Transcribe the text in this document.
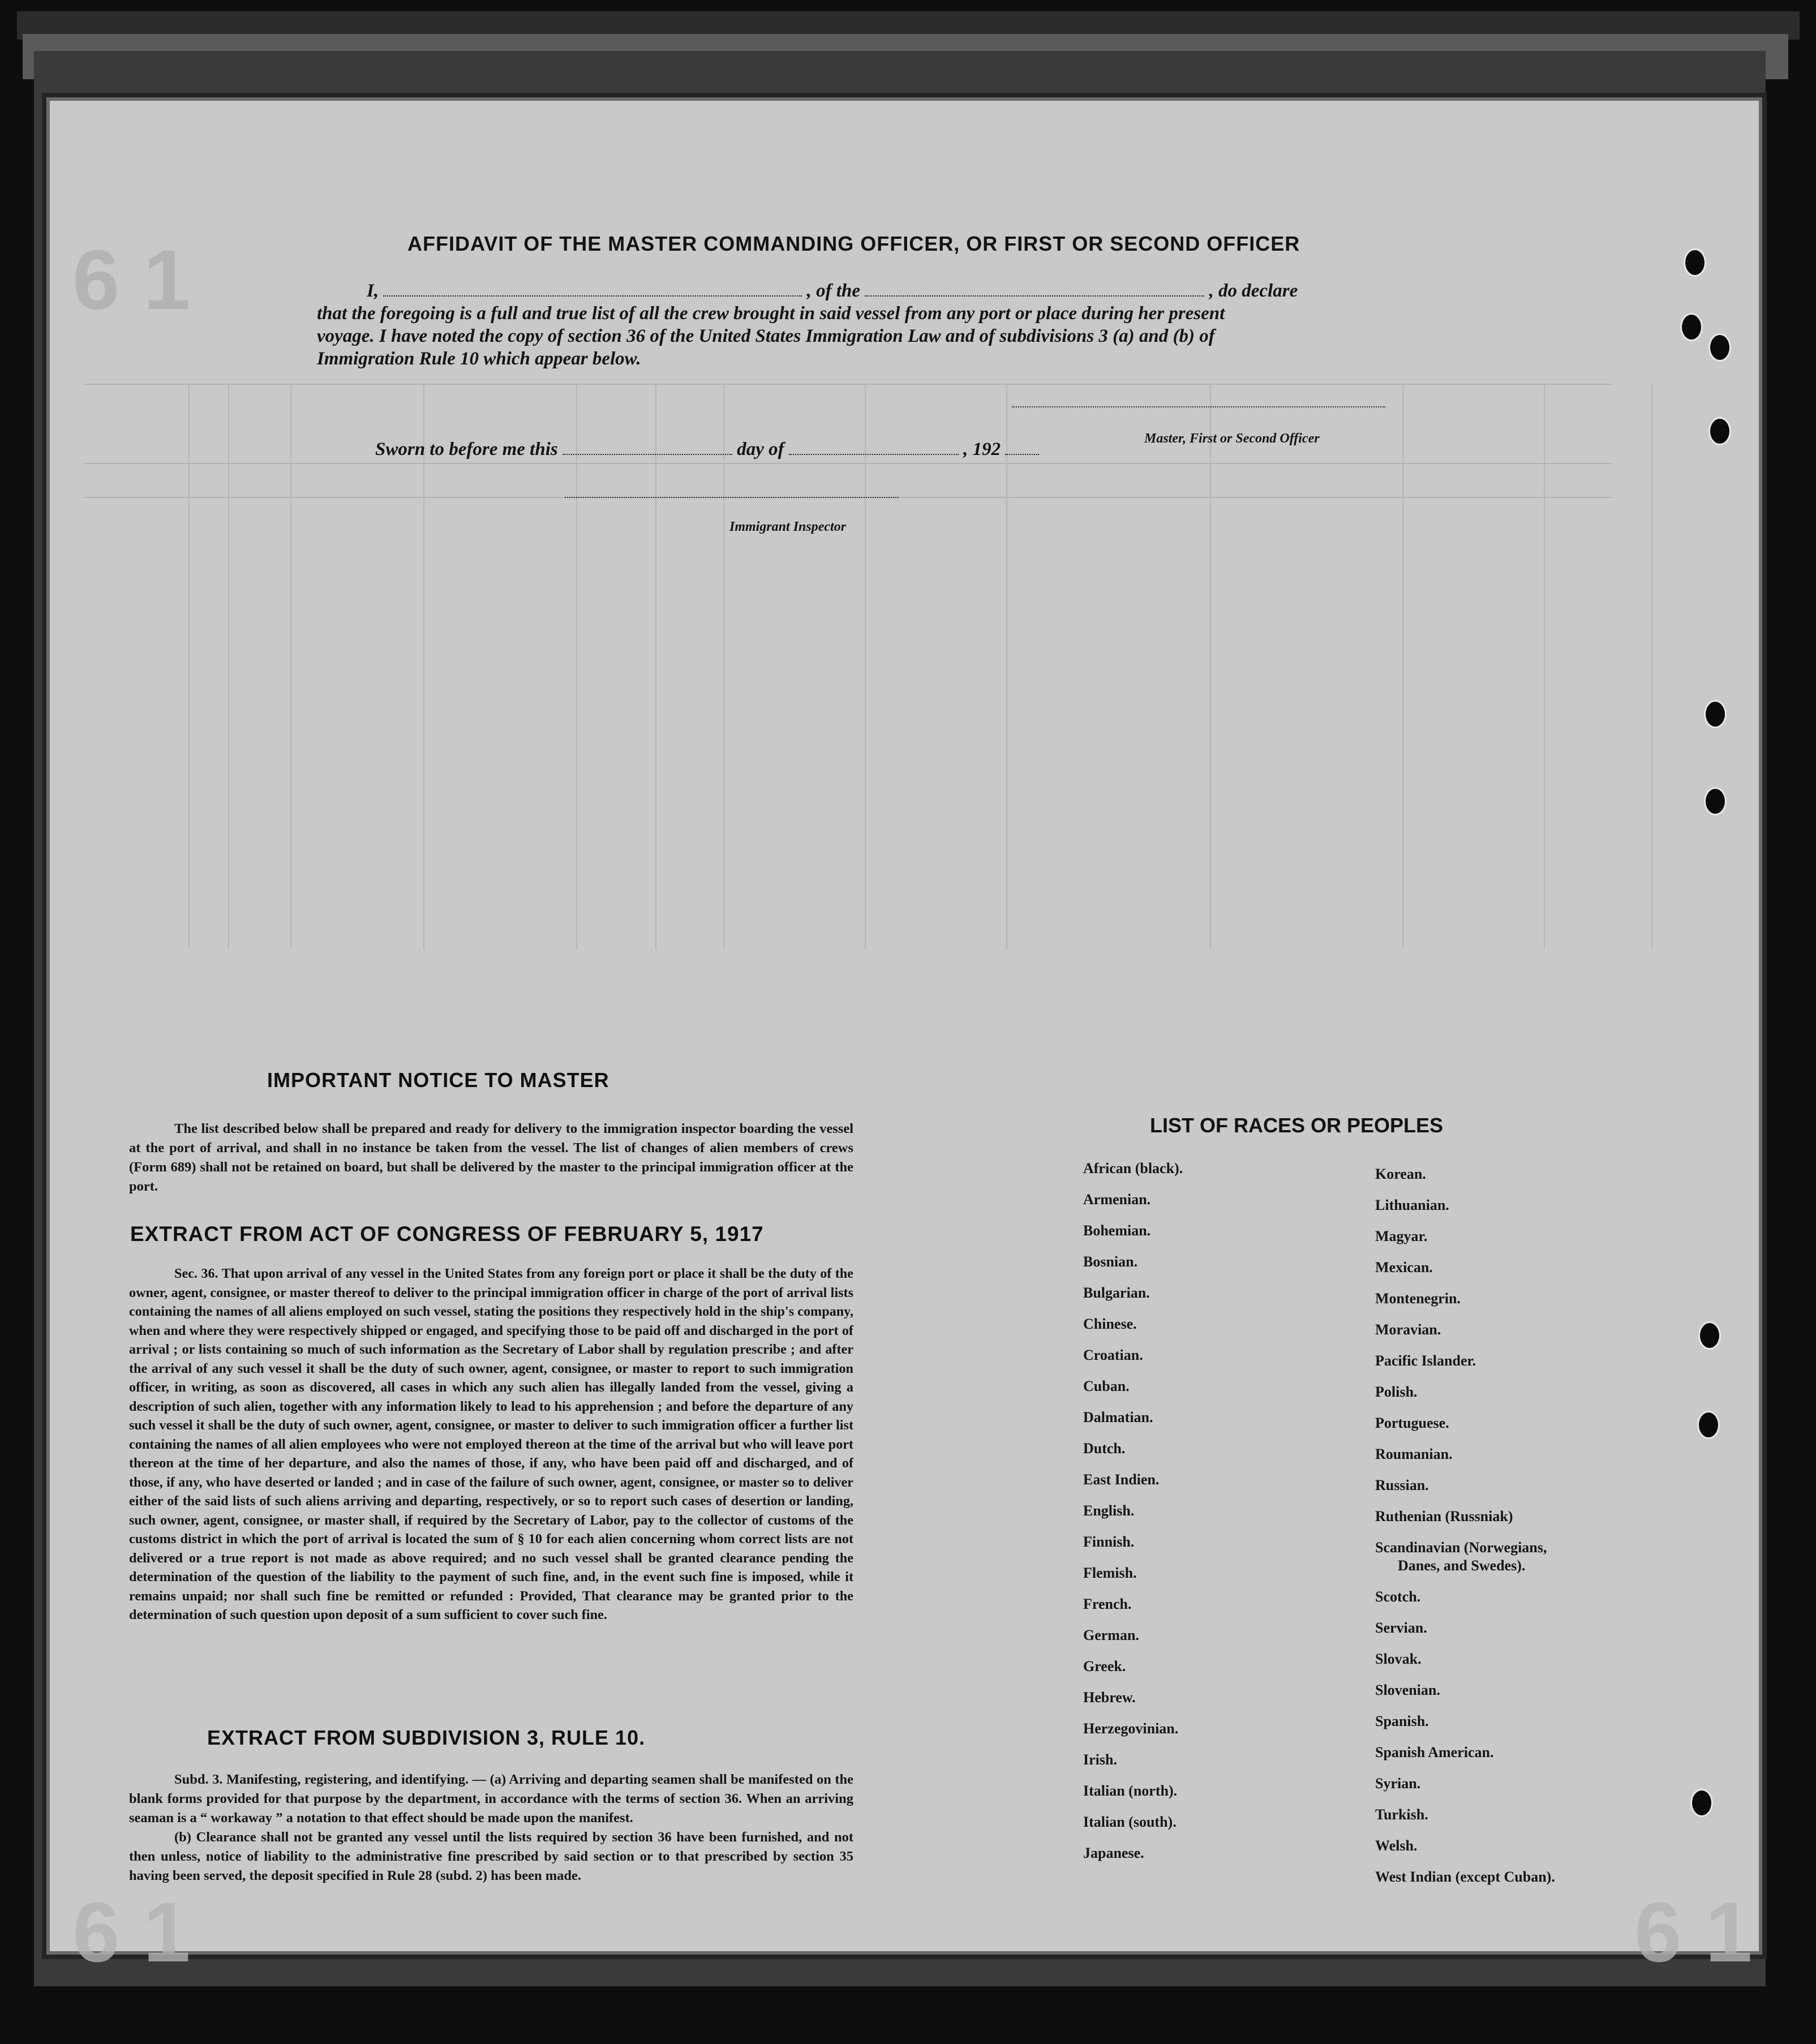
6 1

6 1	6 1
AFFIDAVIT OF THE MASTER COMMANDING OFFICER, OR FIRST OR SECOND OFFICER
I,	, of the	, do declare
that the foregoing is a full and true list of all the crew brought in said vessel from any port or place during her present
voyage. I have noted the copy of section 36 of the United States Immigration Law and of subdivisions 3 (a) and (b) of
Immigration Rule 10 which appear below.
Master, First or Second Officer
Sworn to before me this	day of	, 192
Immigrant Inspector
IMPORTANT NOTICE TO MASTER

The list described below shall be prepared and ready for delivery to the immigration inspector boarding the vessel at the port of arrival, and shall in no instance be taken from the vessel. The list of changes of alien members of crews (Form 689) shall not be retained on board, but shall be delivered by the master to the principal immigration officer at the port.

EXTRACT FROM ACT OF CONGRESS OF FEBRUARY 5, 1917

Sec. 36. That upon arrival of any vessel in the United States from any foreign port or place it shall be the duty of the owner, agent, consignee, or master thereof to deliver to the principal immigration officer in charge of the port of arrival lists containing the names of all aliens employed on such vessel, stating the positions they respectively hold in the ship's company, when and where they were respectively shipped or engaged, and specifying those to be paid off and discharged in the port of arrival ; or lists containing so much of such information as the Secretary of Labor shall by regulation prescribe ; and after the arrival of any such vessel it shall be the duty of such owner, agent, consignee, or master to report to such immigration officer, in writing, as soon as discovered, all cases in which any such alien has illegally landed from the vessel, giving a description of such alien, together with any information likely to lead to his apprehension ; and before the departure of any such vessel it shall be the duty of such owner, agent, consignee, or master to deliver to such immigration officer a further list containing the names of all alien employees who were not employed thereon at the time of the arrival but who will leave port thereon at the time of her departure, and also the names of those, if any, who have been paid off and discharged, and of those, if any, who have deserted or landed ; and in case of the failure of such owner, agent, consignee, or master so to deliver either of the said lists of such aliens arriving and departing, respectively, or so to report such cases of desertion or landing, such owner, agent, consignee, or master shall, if required by the Secretary of Labor, pay to the collector of customs of the customs district in which the port of arrival is located the sum of § 10 for each alien concerning whom correct lists are not delivered or a true report is not made as above required; and no such vessel shall be granted clearance pending the determination of the question of the liability to the payment of such fine, and, in the event such fine is imposed, while it remains unpaid; nor shall such fine be remitted or refunded : Provided, That clearance may be granted prior to the determination of such question upon deposit of a sum sufficient to cover such fine.

EXTRACT FROM SUBDIVISION 3, RULE 10.

Subd. 3. Manifesting, registering, and identifying. — (a) Arriving and departing seamen shall be manifested on the blank forms provided for that purpose by the department, in accordance with the terms of section 36. When an arriving seaman is a “ workaway ” a notation to that effect should be made upon the manifest.

(b) Clearance shall not be granted any vessel until the lists required by section 36 have been furnished, and not then unless, notice of liability to the administrative fine prescribed by said section or to that prescribed by section 35 having been served, the deposit specified in Rule 28 (subd. 2) has been made.

LIST OF RACES OR PEOPLES
African (black).
Armenian.
Bohemian.
Bosnian.
Bulgarian.
Chinese.
Croatian.
Cuban.
Dalmatian.
Dutch.
East Indien.
English.
Finnish.
Flemish.
French.
German.
Greek.
Hebrew.
Herzegovinian.
Irish.
Italian (north).
Italian (south).
Japanese.
Korean.
Lithuanian.
Magyar.
Mexican.
Montenegrin.
Moravian.
Pacific Islander.
Polish.
Portuguese.
Roumanian.
Russian.
Ruthenian (Russniak)
Scandinavian (Norwegians,
Danes, and Swedes).
Scotch.
Servian.
Slovak.
Slovenian.
Spanish.
Spanish American.
Syrian.
Turkish.
Welsh.
West Indian (except Cuban).
